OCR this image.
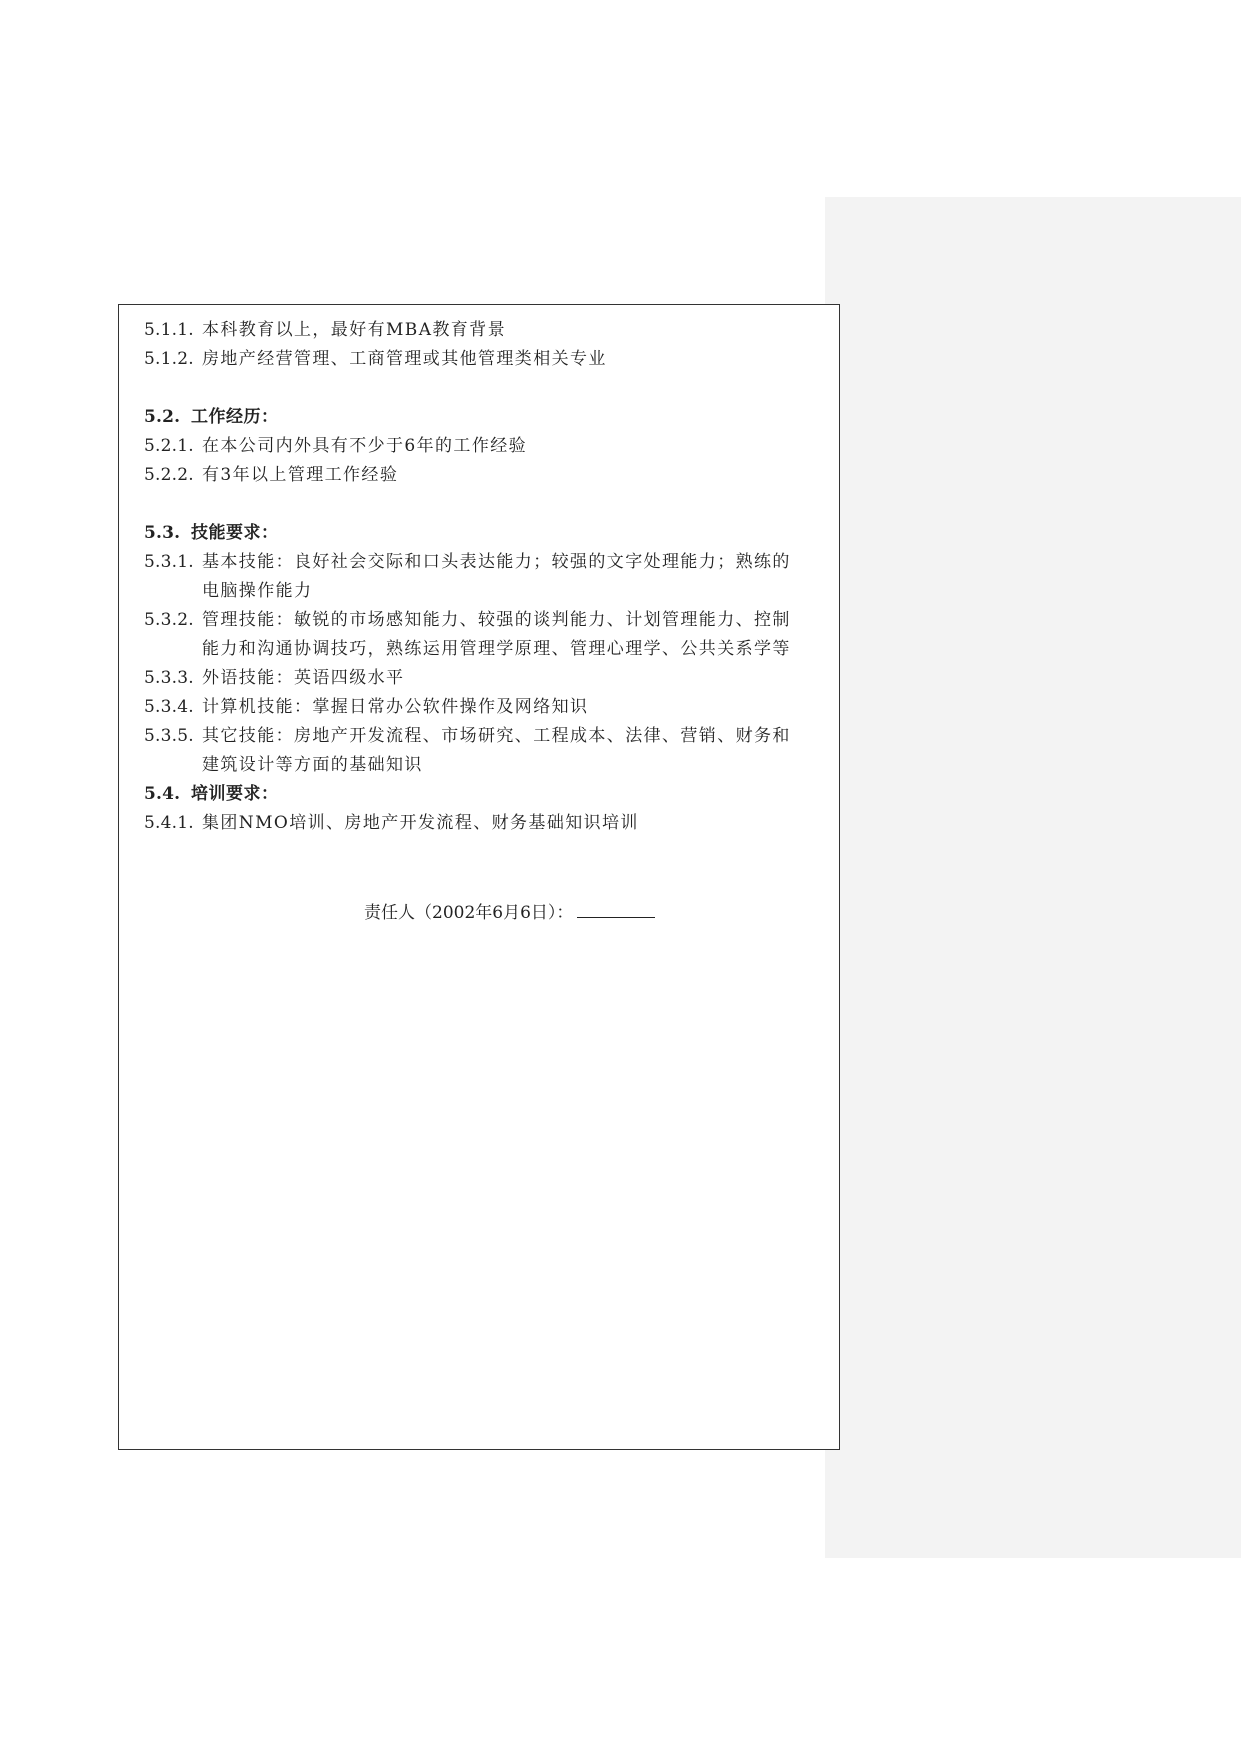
5.1.1. 本科教育以上，最好有MBA教育背景
5.1.2. 房地产经营管理、工商管理或其他管理类相关专业
5.2. 工作经历：
5.2.1. 在本公司内外具有不少于6年的工作经验
5.2.2. 有3年以上管理工作经验
5.3. 技能要求：
5.3.1. 基本技能：良好社会交际和口头表达能力；较强的文字处理能力；熟练的电脑操作能力
5.3.2. 管理技能：敏锐的市场感知能力、较强的谈判能力、计划管理能力、控制能力和沟通协调技巧，熟练运用管理学原理、管理心理学、公共关系学等
5.3.3. 外语技能：英语四级水平
5.3.4. 计算机技能：掌握日常办公软件操作及网络知识
5.3.5. 其它技能：房地产开发流程、市场研究、工程成本、法律、营销、财务和建筑设计等方面的基础知识
5.4. 培训要求：
5.4.1. 集团NMO培训、房地产开发流程、财务基础知识培训
责任人（2002年6月6日）：
